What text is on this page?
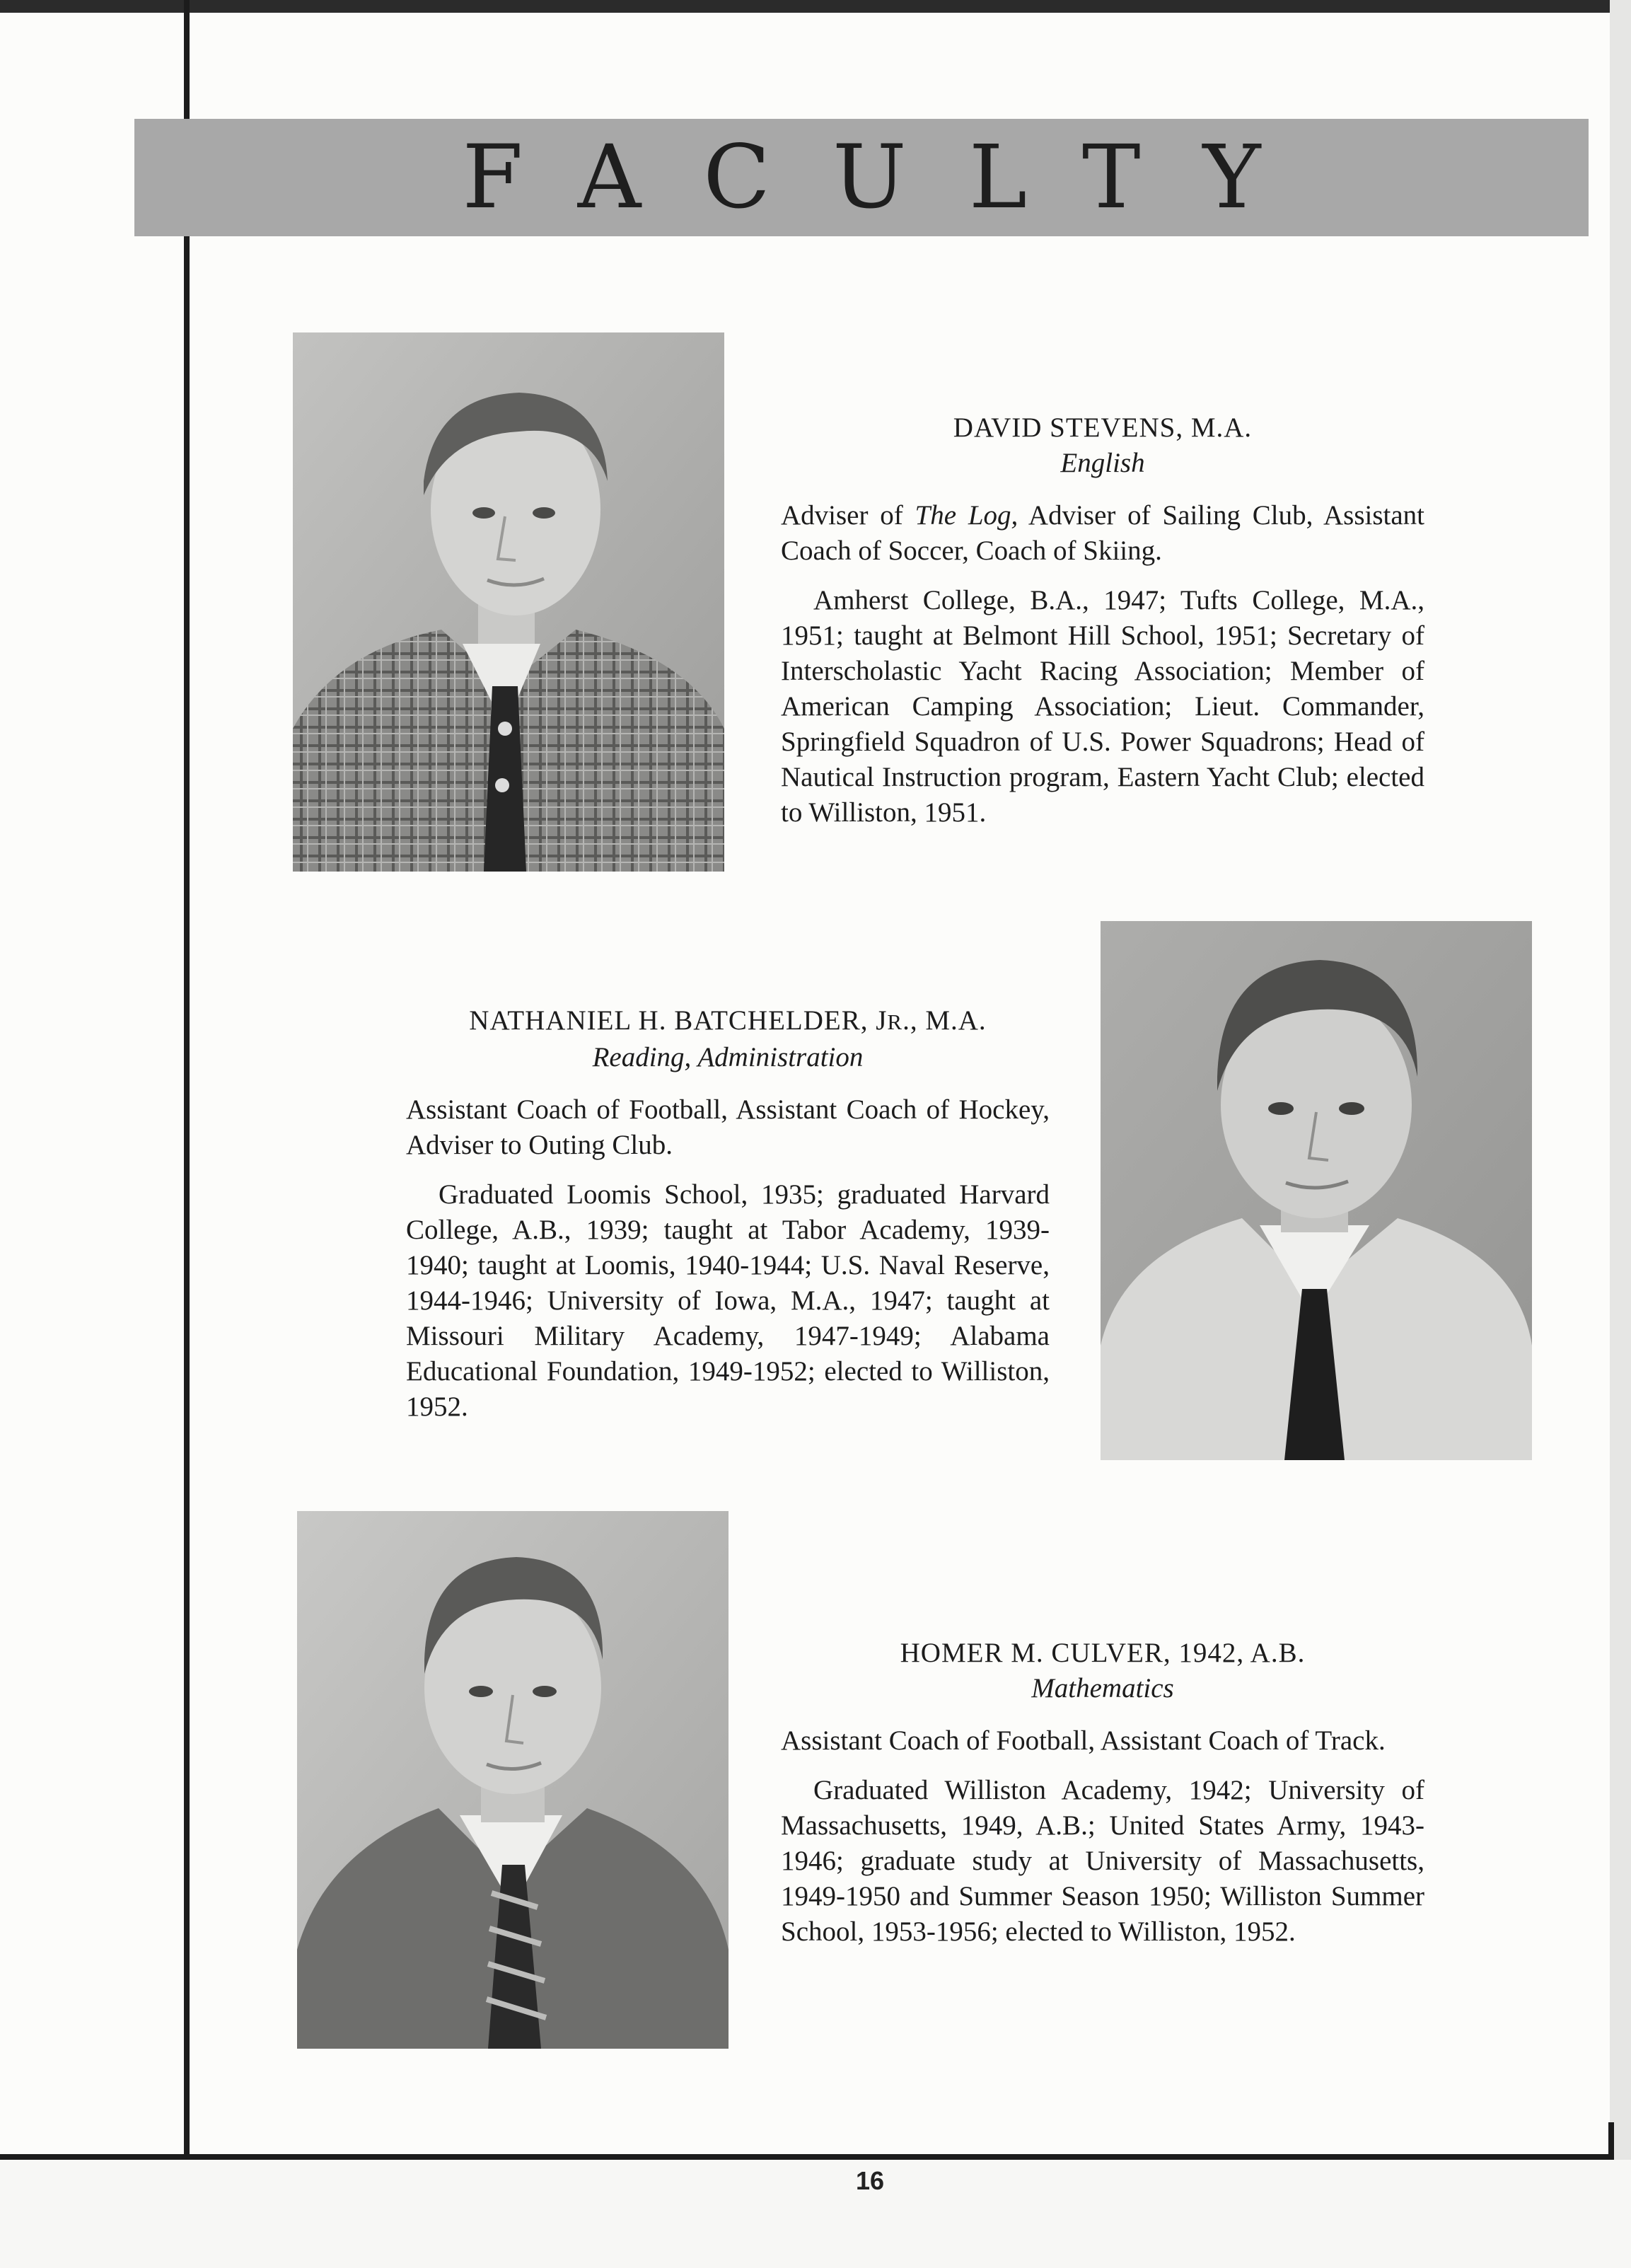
FACULTY

DAVID STEVENS, M.A.

English

Adviser of The Log, Adviser of Sailing Club, Assistant Coach of Soccer, Coach of Skiing.

Amherst College, B.A., 1947; Tufts College, M.A., 1951; taught at Belmont Hill School, 1951; Secretary of Interscholastic Yacht Racing Association; Member of American Camping Association; Lieut. Commander, Springfield Squadron of U.S. Power Squadrons; Head of Nautical Instruction program, Eastern Yacht Club; elected to Williston, 1951.

NATHANIEL H. BATCHELDER, JR., M.A.

Reading, Administration

Assistant Coach of Football, Assistant Coach of Hockey, Adviser to Outing Club.

Graduated Loomis School, 1935; graduated Harvard College, A.B., 1939; taught at Tabor Academy, 1939-1940; taught at Loomis, 1940-1944; U.S. Naval Reserve, 1944-1946; University of Iowa, M.A., 1947; taught at Missouri Military Academy, 1947-1949; Alabama Educational Foundation, 1949-1952; elected to Williston, 1952.

HOMER M. CULVER, 1942, A.B.

Mathematics

Assistant Coach of Football, Assistant Coach of Track.

Graduated Williston Academy, 1942; University of Massachusetts, 1949, A.B.; United States Army, 1943-1946; graduate study at University of Massachusetts, 1949-1950 and Summer Season 1950; Williston Summer School, 1953-1956; elected to Williston, 1952.

16
